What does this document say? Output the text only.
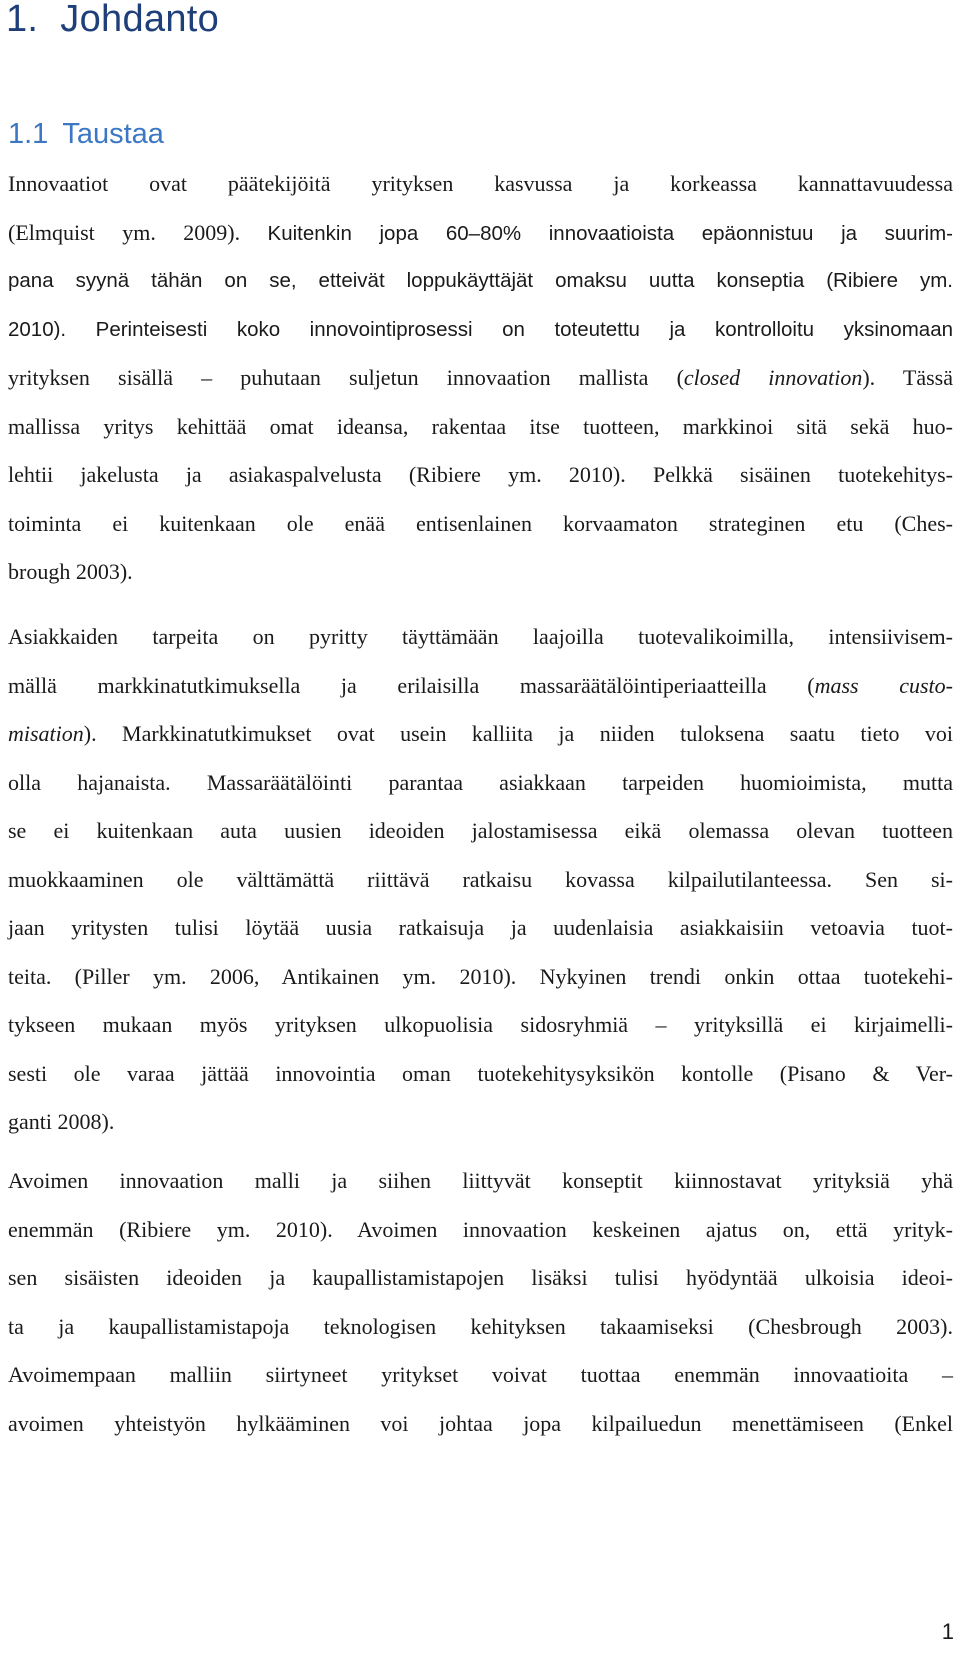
1. Johdanto
1.1 Taustaa
Innovaatiot ovat päätekijöitä yrityksen kasvussa ja korkeassa kannattavuudessa
(Elmquist ym. 2009). Kuitenkin jopa 60–80% innovaatioista epäonnistuu ja suurim-
pana syynä tähän on se, etteivät loppukäyttäjät omaksu uutta konseptia (Ribiere ym.
2010). Perinteisesti koko innovointiprosessi on toteutettu ja kontrolloitu yksinomaan
yrityksen sisällä – puhutaan suljetun innovaation mallista (closed innovation). Tässä
mallissa yritys kehittää omat ideansa, rakentaa itse tuotteen, markkinoi sitä sekä huo-
lehtii jakelusta ja asiakaspalvelusta (Ribiere ym. 2010). Pelkkä sisäinen tuotekehitys-
toiminta ei kuitenkaan ole enää entisenlainen korvaamaton strateginen etu (Ches-
brough 2003).
Asiakkaiden tarpeita on pyritty täyttämään laajoilla tuotevalikoimilla, intensiivisem-
mällä markkinatutkimuksella ja erilaisilla massaräätälöintiperiaatteilla (mass custo-
misation). Markkinatutkimukset ovat usein kalliita ja niiden tuloksena saatu tieto voi
olla hajanaista. Massaräätälöinti parantaa asiakkaan tarpeiden huomioimista, mutta
se ei kuitenkaan auta uusien ideoiden jalostamisessa eikä olemassa olevan tuotteen
muokkaaminen ole välttämättä riittävä ratkaisu kovassa kilpailutilanteessa. Sen si-
jaan yritysten tulisi löytää uusia ratkaisuja ja uudenlaisia asiakkaisiin vetoavia tuot-
teita. (Piller ym. 2006, Antikainen ym. 2010). Nykyinen trendi onkin ottaa tuotekehi-
tykseen mukaan myös yrityksen ulkopuolisia sidosryhmiä – yrityksillä ei kirjaimelli-
sesti ole varaa jättää innovointia oman tuotekehitysyksikön kontolle (Pisano & Ver-
ganti 2008).
Avoimen innovaation malli ja siihen liittyvät konseptit kiinnostavat yrityksiä yhä
enemmän (Ribiere ym. 2010). Avoimen innovaation keskeinen ajatus on, että yrityk-
sen sisäisten ideoiden ja kaupallistamistapojen lisäksi tulisi hyödyntää ulkoisia ideoi-
ta ja kaupallistamistapoja teknologisen kehityksen takaamiseksi (Chesbrough 2003).
Avoimempaan malliin siirtyneet yritykset voivat tuottaa enemmän innovaatioita –
avoimen yhteistyön hylkääminen voi johtaa jopa kilpailuedun menettämiseen (Enkel
1
